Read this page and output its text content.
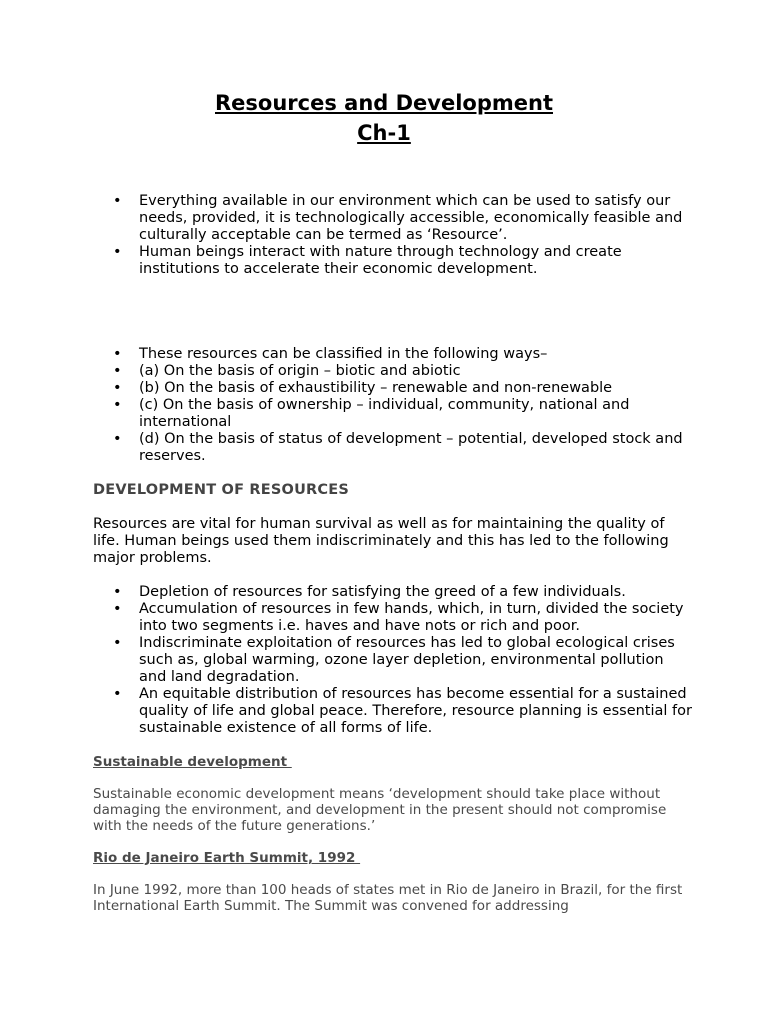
Resources and Development
Ch-1
• Everything available in our environment which can be used to satisfy our needs, provided, it is technologically accessible, economically feasible and culturally acceptable can be termed as ‘Resource’.
• Human beings interact with nature through technology and create institutions to accelerate their economic development.
• These resources can be classified in the following ways–
• (a) On the basis of origin – biotic and abiotic
• (b) On the basis of exhaustibility – renewable and non-renewable
• (c) On the basis of ownership – individual, community, national and international
• (d) On the basis of status of development – potential, developed stock and reserves.
DEVELOPMENT OF RESOURCES

Resources are vital for human survival as well as for maintaining the quality of life. Human beings used them indiscriminately and this has led to the following major problems.

• Depletion of resources for satisfying the greed of a few individuals.
• Accumulation of resources in few hands, which, in turn, divided the society into two segments i.e. haves and have nots or rich and poor.
• Indiscriminate exploitation of resources has led to global ecological crises such as, global warming, ozone layer depletion, environmental pollution and land degradation.
• An equitable distribution of resources has become essential for a sustained quality of life and global peace. Therefore, resource planning is essential for sustainable existence of all forms of life.
Sustainable development

Sustainable economic development means ‘development should take place without damaging the environment, and development in the present should not compromise with the needs of the future generations.’

Rio de Janeiro Earth Summit, 1992

In June 1992, more than 100 heads of states met in Rio de Janeiro in Brazil, for the first International Earth Summit. The Summit was convened for addressing
